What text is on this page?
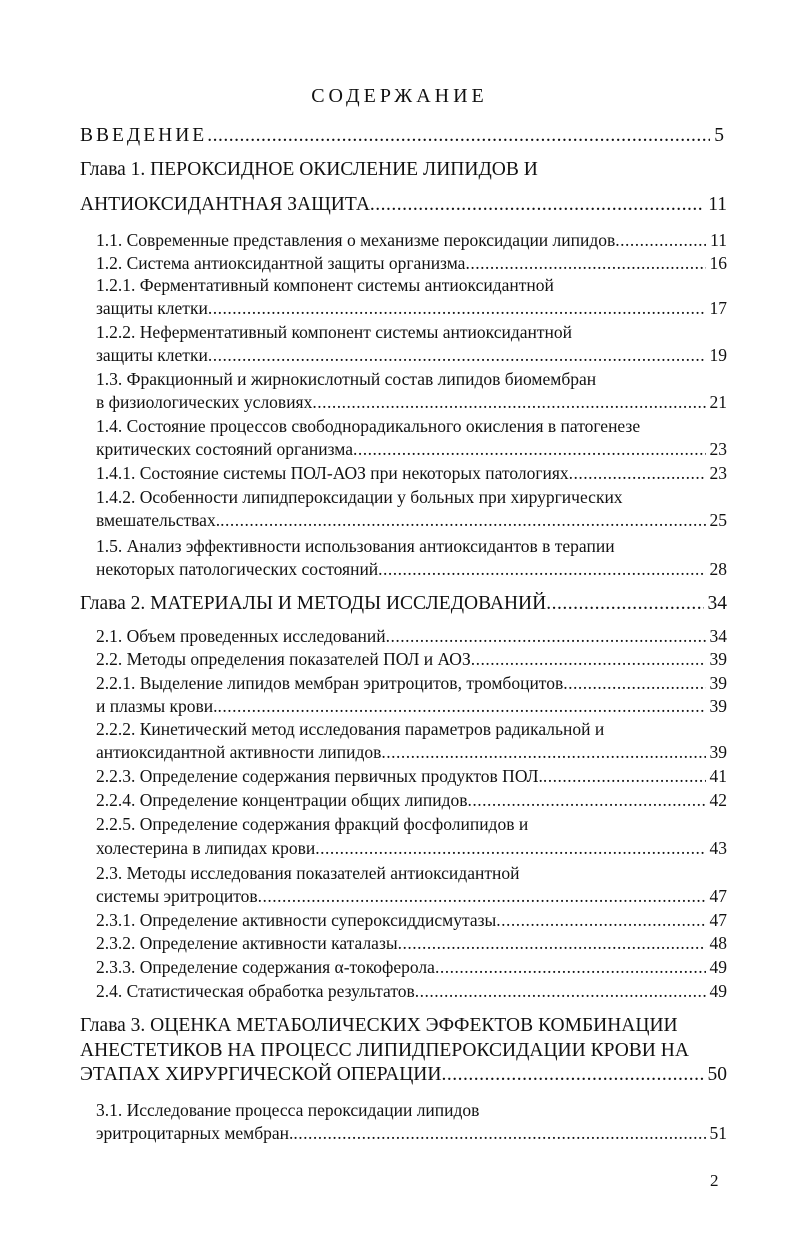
СОДЕРЖАНИЕ
ВВЕДЕНИЕ .....	5
Глава 1. ПЕРОКСИДНОЕ ОКИСЛЕНИЕ ЛИПИДОВ И
АНТИОКСИДАНТНАЯ ЗАЩИТА .....	11
1.1. Современные представления о механизме пероксидации липидов .....	11
1.2. Система антиоксидантной защиты организма .....	16
1.2.1. Ферментативный компонент системы антиоксидантной
защиты клетки .....	17
1.2.2. Неферментативный компонент системы антиоксидантной
защиты клетки .....	19
1.3. Фракционный и жирнокислотный состав липидов биомембран
в физиологических условиях .....	21
1.4. Состояние процессов свободнорадикального окисления в патогенезе
критических состояний организма .....	23
1.4.1. Состояние системы ПОЛ-АОЗ при некоторых патологиях .....	23
1.4.2. Особенности липидпероксидации у больных при хирургических
вмешательствах. .....	25
1.5. Анализ эффективности использования антиоксидантов в терапии
некоторых патологических состояний .....	28
Глава 2. МАТЕРИАЛЫ И МЕТОДЫ ИССЛЕДОВАНИЙ .....	34
2.1. Объем проведенных исследований .....	34
2.2. Методы определения показателей ПОЛ и АОЗ .....	39
2.2.1. Выделение липидов мембран эритроцитов, тромбоцитов .....	39
и плазмы крови. .....	39
2.2.2. Кинетический метод исследования параметров радикальной и
антиоксидантной активности липидов .....	39
2.2.3. Определение содержания первичных продуктов ПОЛ. .....	41
2.2.4. Определение концентрации общих липидов .....	42
2.2.5. Определение содержания фракций фосфолипидов и
холестерина в липидах крови .....	43
2.3. Методы исследования показателей антиоксидантной
системы эритроцитов .....	47
2.3.1. Определение активности супероксиддисмутазы .....	47
2.3.2. Определение активности каталазы .....	48
2.3.3. Определение содержания α-токоферола .....	49
2.4. Статистическая обработка результатов .....	49
Глава 3. ОЦЕНКА МЕТАБОЛИЧЕСКИХ ЭФФЕКТОВ КОМБИНАЦИИ
АНЕСТЕТИКОВ НА ПРОЦЕСС ЛИПИДПЕРОКСИДАЦИИ КРОВИ НА
ЭТАПАХ ХИРУРГИЧЕСКОЙ ОПЕРАЦИИ .....	50
3.1. Исследование процесса пероксидации липидов
эритроцитарных мембран. .....	51
2
